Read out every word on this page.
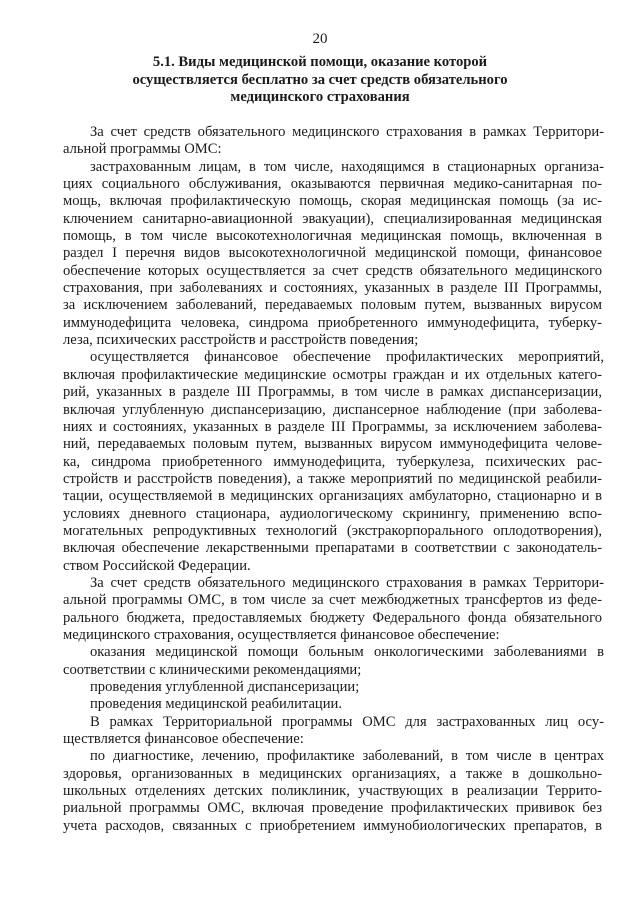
20
5.1. Виды медицинской помощи, оказание которой
осуществляется бесплатно за счет средств обязательного
медицинского страхования
За счет средств обязательного медицинского страхования в рамках Территори-
альной программы ОМС:
застрахованным лицам, в том числе, находящимся в стационарных организа-
циях социального обслуживания, оказываются первичная медико-санитарная по-
мощь, включая профилактическую помощь, скорая медицинская помощь (за ис-
ключением санитарно-авиационной эвакуации), специализированная медицинская
помощь, в том числе высокотехнологичная медицинская помощь, включенная в
раздел I перечня видов высокотехнологичной медицинской помощи, финансовое
обеспечение которых осуществляется за счет средств обязательного медицинского
страхования, при заболеваниях и состояниях, указанных в разделе III Программы,
за исключением заболеваний, передаваемых половым путем, вызванных вирусом
иммунодефицита человека, синдрома приобретенного иммунодефицита, туберку-
леза, психических расстройств и расстройств поведения;
осуществляется финансовое обеспечение профилактических мероприятий,
включая профилактические медицинские осмотры граждан и их отдельных катего-
рий, указанных в разделе III Программы, в том числе в рамках диспансеризации,
включая углубленную диспансеризацию, диспансерное наблюдение (при заболева-
ниях и состояниях, указанных в разделе III Программы, за исключением заболева-
ний, передаваемых половым путем, вызванных вирусом иммунодефицита челове-
ка, синдрома приобретенного иммунодефицита, туберкулеза, психических рас-
стройств и расстройств поведения), а также мероприятий по медицинской реабили-
тации, осуществляемой в медицинских организациях амбулаторно, стационарно и в
условиях дневного стационара, аудиологическому скринингу, применению вспо-
могательных репродуктивных технологий (экстракорпорального оплодотворения),
включая обеспечение лекарственными препаратами в соответствии с законодатель-
ством Российской Федерации.
За счет средств обязательного медицинского страхования в рамках Территори-
альной программы ОМС, в том числе за счет межбюджетных трансфертов из феде-
рального бюджета, предоставляемых бюджету Федерального фонда обязательного
медицинского страхования, осуществляется финансовое обеспечение:
оказания медицинской помощи больным онкологическими заболеваниями в
соответствии с клиническими рекомендациями;
проведения углубленной диспансеризации;
проведения медицинской реабилитации.
В рамках Территориальной программы ОМС для застрахованных лиц осу-
ществляется финансовое обеспечение:
по диагностике, лечению, профилактике заболеваний, в том числе в центрах
здоровья, организованных в медицинских организациях, а также в дошкольно-
школьных отделениях детских поликлиник, участвующих в реализации Террито-
риальной программы ОМС, включая проведение профилактических прививок без
учета расходов, связанных с приобретением иммунобиологических препаратов, в
